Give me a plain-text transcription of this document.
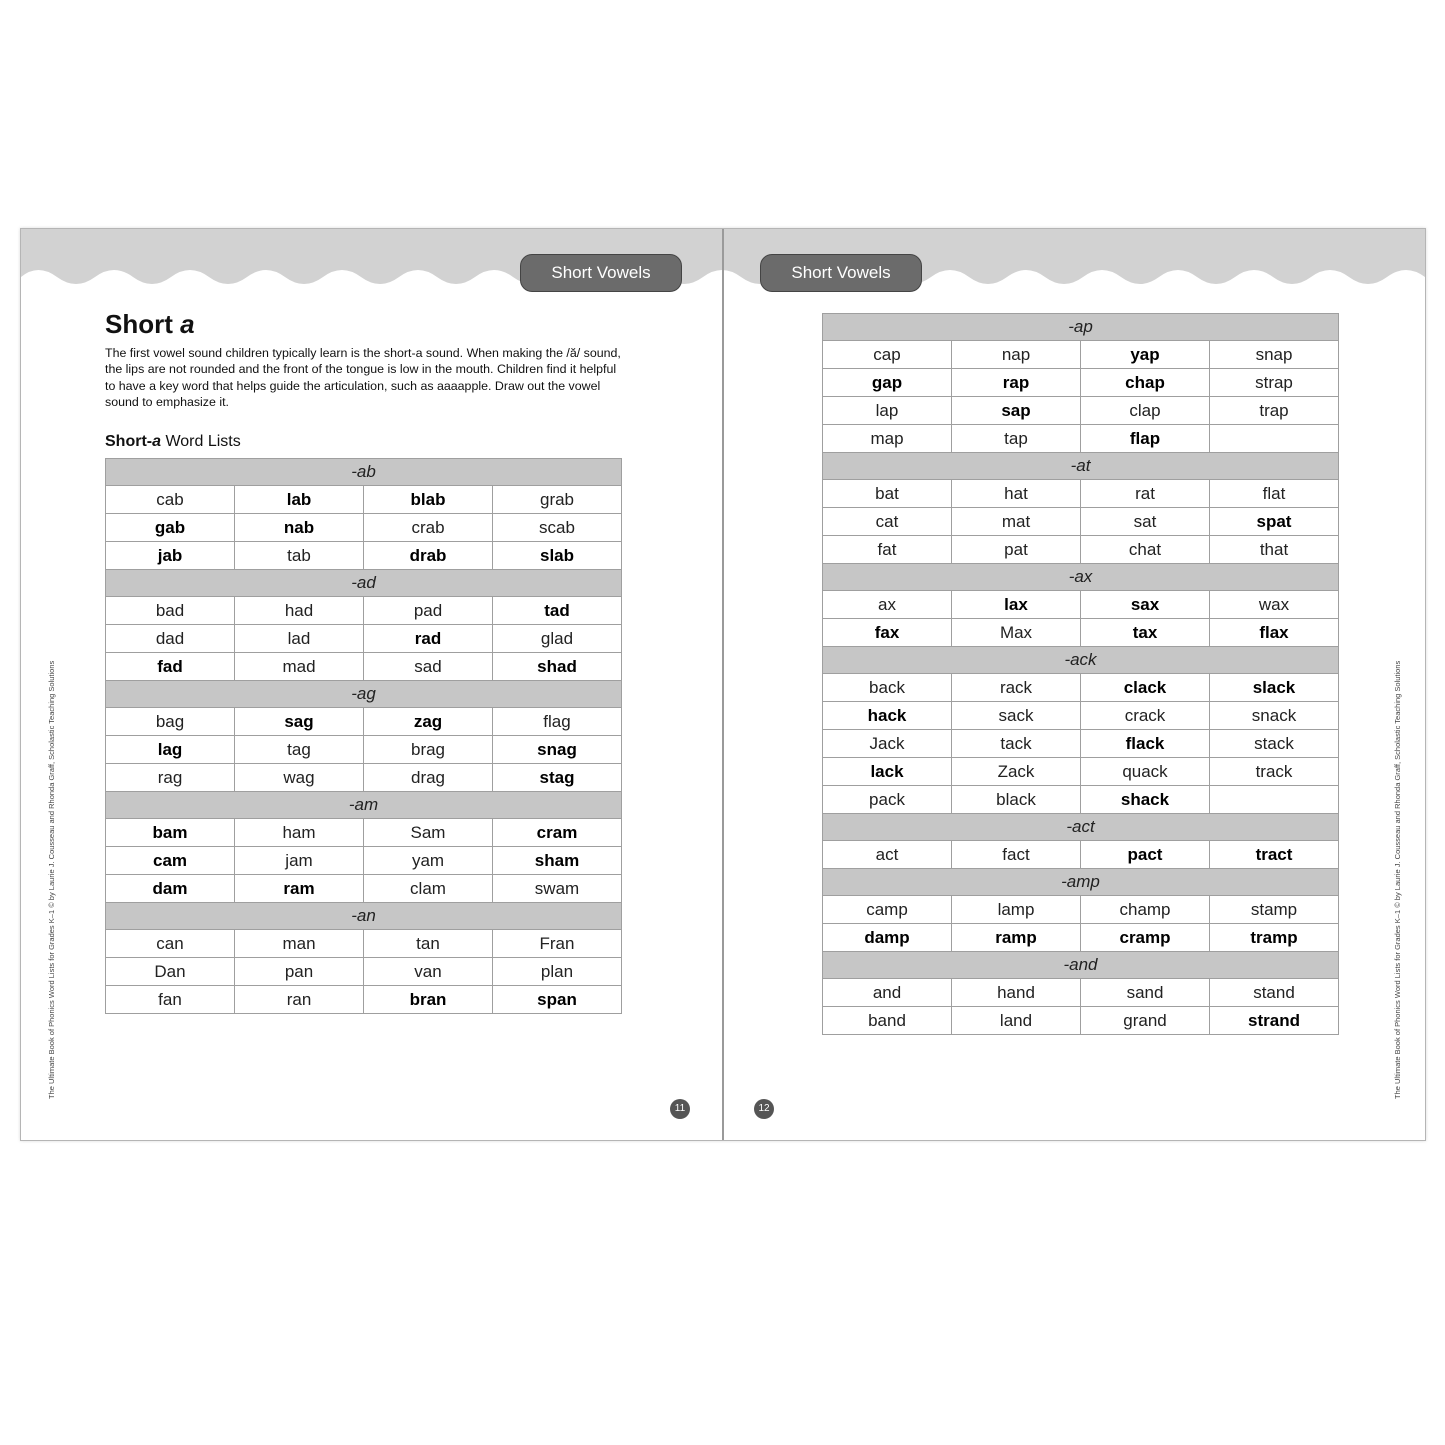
Short Vowels
Short a
The first vowel sound children typically learn is the short-a sound. When making the /ă/ sound, the lips are not rounded and the front of the tongue is low in the mouth. Children find it helpful to have a key word that helps guide the articulation, such as aaaapple. Draw out the vowel sound to emphasize it.
Short-a Word Lists
-ab			
cab	lab	blab	grab
gab	nab	crab	scab
jab	tab	drab	slab
-ad			
bad	had	pad	tad
dad	lad	rad	glad
fad	mad	sad	shad
-ag			
bag	sag	zag	flag
lag	tag	brag	snag
rag	wag	drag	stag
-am			
bam	ham	Sam	cram
cam	jam	yam	sham
dam	ram	clam	swam
-an			
can	man	tan	Fran
Dan	pan	van	plan
fan	ran	bran	span
The Ultimate Book of Phonics Word Lists for Grades K–1 © by Laurie J. Cousseau and Rhonda Graff, Scholastic Teaching Solutions
11
Short Vowels
-ap			
cap	nap	yap	snap
gap	rap	chap	strap
lap	sap	clap	trap
map	tap	flap	
-at			
bat	hat	rat	flat
cat	mat	sat	spat
fat	pat	chat	that
-ax			
ax	lax	sax	wax
fax	Max	tax	flax
-ack			
back	rack	clack	slack
hack	sack	crack	snack
Jack	tack	flack	stack
lack	Zack	quack	track
pack	black	shack	
-act			
act	fact	pact	tract
-amp			
camp	lamp	champ	stamp
damp	ramp	cramp	tramp
-and			
and	hand	sand	stand
band	land	grand	strand	The Ultimate Book of Phonics Word Lists for Grades K–1 © by Laurie J. Cousseau and Rhonda Graff, Scholastic Teaching Solutions
12
